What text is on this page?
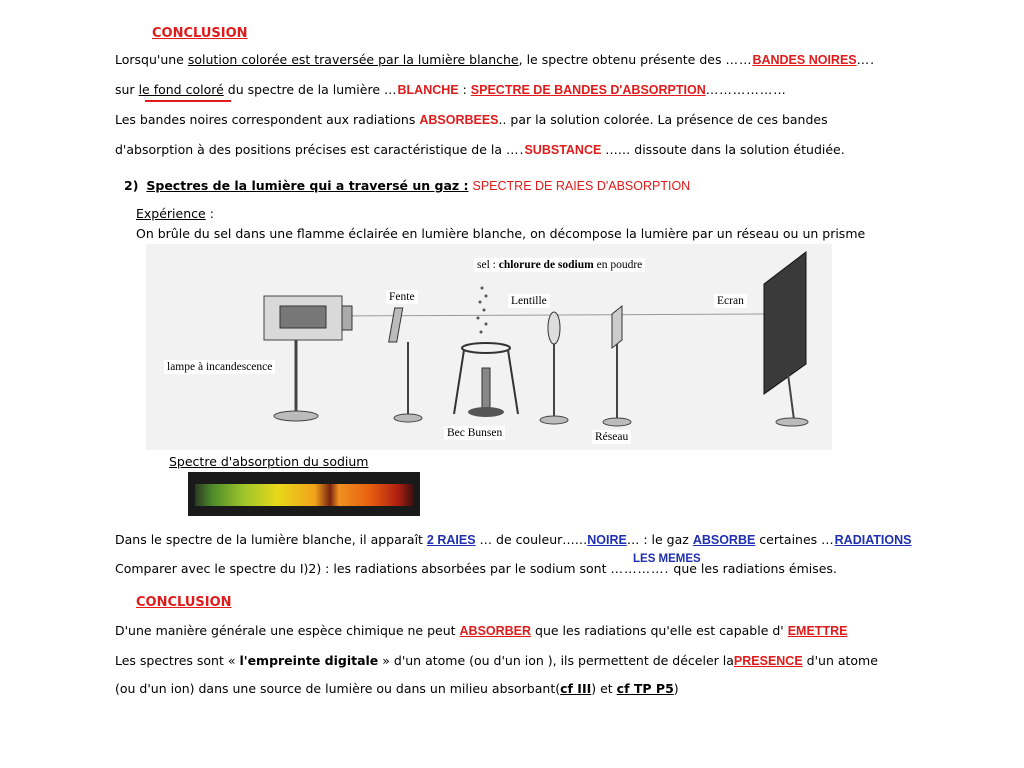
CONCLUSION
Lorsqu'une solution colorée est traversée par la lumière blanche, le spectre obtenu présente des ……BANDES NOIRES….
sur le fond coloré du spectre de la lumière …BLANCHE : SPECTRE DE BANDES D'ABSORPTION………………
Les bandes noires correspondent aux radiations ABSORBEES.. par la solution colorée. La présence de ces bandes
d'absorption à des positions précises est caractéristique de la ….SUBSTANCE …… dissoute dans la solution étudiée.
2) Spectres de la lumière qui a traversé un gaz : SPECTRE DE RAIES D'ABSORPTION
Expérience :
On brûle du sel dans une flamme éclairée en lumière blanche, on décompose la lumière par un réseau ou un prisme
sel : chlorure de sodium en poudre
Fente	Lentille	Ecran
lampe à incandescence
Bec Bunsen	Réseau
Spectre d'absorption du sodium
Dans le spectre de la lumière blanche, il apparaît 2 RAIES … de couleur……NOIRE… : le gaz ABSORBE certaines …RADIATIONS
Comparer avec le spectre du I)2) : les radiations absorbées par le sodium sont …………. que les radiations émises.
LES MEMES
CONCLUSION
D'une manière générale une espèce chimique ne peut ABSORBER que les radiations qu'elle est capable d' EMETTRE
Les spectres sont « l'empreinte digitale » d'un atome (ou d'un ion ), ils permettent de déceler laPRESENCE d'un atome
(ou d'un ion) dans une source de lumière ou dans un milieu absorbant(cf III) et cf TP P5)
